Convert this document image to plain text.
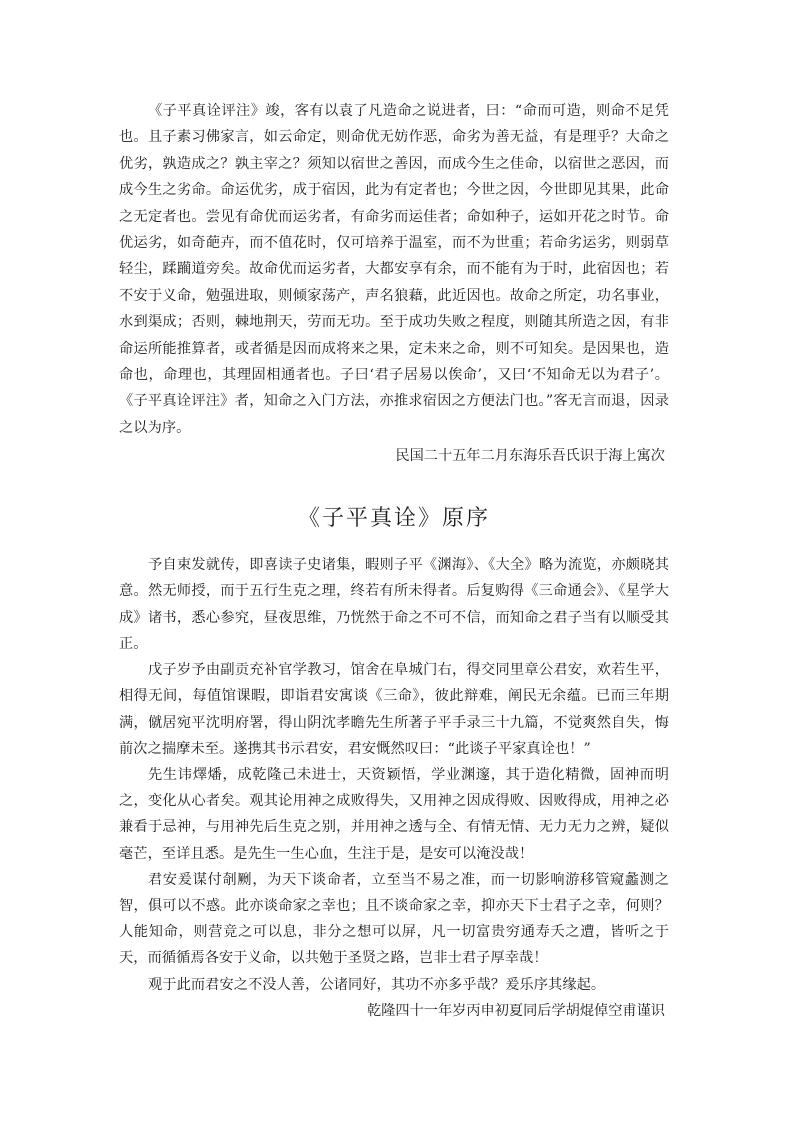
《子平真诠评注》竣，客有以袁了凡造命之说进者，曰：“命而可造，则命不足凭也。且子素习佛家言，如云命定，则命优无妨作恶，命劣为善无益，有是理乎？大命之优劣，孰造成之？孰主宰之？须知以宿世之善因，而成今生之佳命，以宿世之恶因，而成今生之劣命。命运优劣，成于宿因，此为有定者也；今世之因，今世即见其果，此命之无定者也。尝见有命优而运劣者，有命劣而运佳者；命如种子，运如开花之时节。命优运劣，如奇葩卉，而不值花时，仅可培养于温室，而不为世重；若命劣运劣，则弱草轻尘，蹂躏道旁矣。故命优而运劣者，大都安享有余，而不能有为于时，此宿因也；若不安于义命，勉强进取，则倾家荡产，声名狼藉，此近因也。故命之所定，功名事业，水到渠成；否则，棘地荆天，劳而无功。至于成功失败之程度，则随其所造之因，有非命运所能推算者，或者循是因而成将来之果，定未来之命，则不可知矣。是因果也，造命也，命理也，其理固相通者也。子曰‘君子居易以俟命’，又曰‘不知命无以为君子’。《子平真诠评注》者，知命之入门方法，亦推求宿因之方便法门也。”客无言而退，因录之以为序。

民国二十五年二月东海乐吾氏识于海上寓次

《子平真诠》原序

予自束发就传，即喜读子史诸集，暇则子平《渊海》、《大全》略为流览，亦颇晓其意。然无师授，而于五行生克之理，终若有所未得者。后复购得《三命通会》、《星学大成》诸书，悉心参究，昼夜思维，乃恍然于命之不可不信，而知命之君子当有以顺受其正。

戊子岁予由副贡充补官学教习，馆舍在阜城门右，得交同里章公君安，欢若生平，相得无间，每值馆课暇，即诣君安寓谈《三命》，彼此辩难，阐民无余蕴。已而三年期满，僦居宛平沈明府署，得山阴沈孝瞻先生所著子平手录三十九篇，不觉爽然自失，悔前次之揣摩未至。遂携其书示君安，君安慨然叹曰：“此谈子平家真诠也！”

先生讳燡燔，成乾隆己未进士，天资颖悟，学业渊邃，其于造化精微，固神而明之，变化从心者矣。观其论用神之成败得失，又用神之因成得败、因败得成，用神之必兼看于忌神，与用神先后生克之别，并用神之透与全、有情无情、无力无力之辨，疑似毫芒，至详且悉。是先生一生心血，生注于是，是安可以淹没哉！

君安爰谋付剞劂，为天下谈命者，立至当不易之准，而一切影响游移管窥蠡测之智，俱可以不惑。此亦谈命家之幸也；且不谈命家之幸，抑亦天下士君子之幸，何则？人能知命，则营竞之可以息，非分之想可以屏，凡一切富贵穷通寿夭之遭，皆听之于天，而循循焉各安于义命，以共勉于圣贤之路，岂非士君子厚幸哉！

观于此而君安之不没人善，公诸同好，其功不亦多乎哉？爰乐序其缘起。

乾隆四十一年岁丙申初夏同后学胡焜倬空甫谨识
